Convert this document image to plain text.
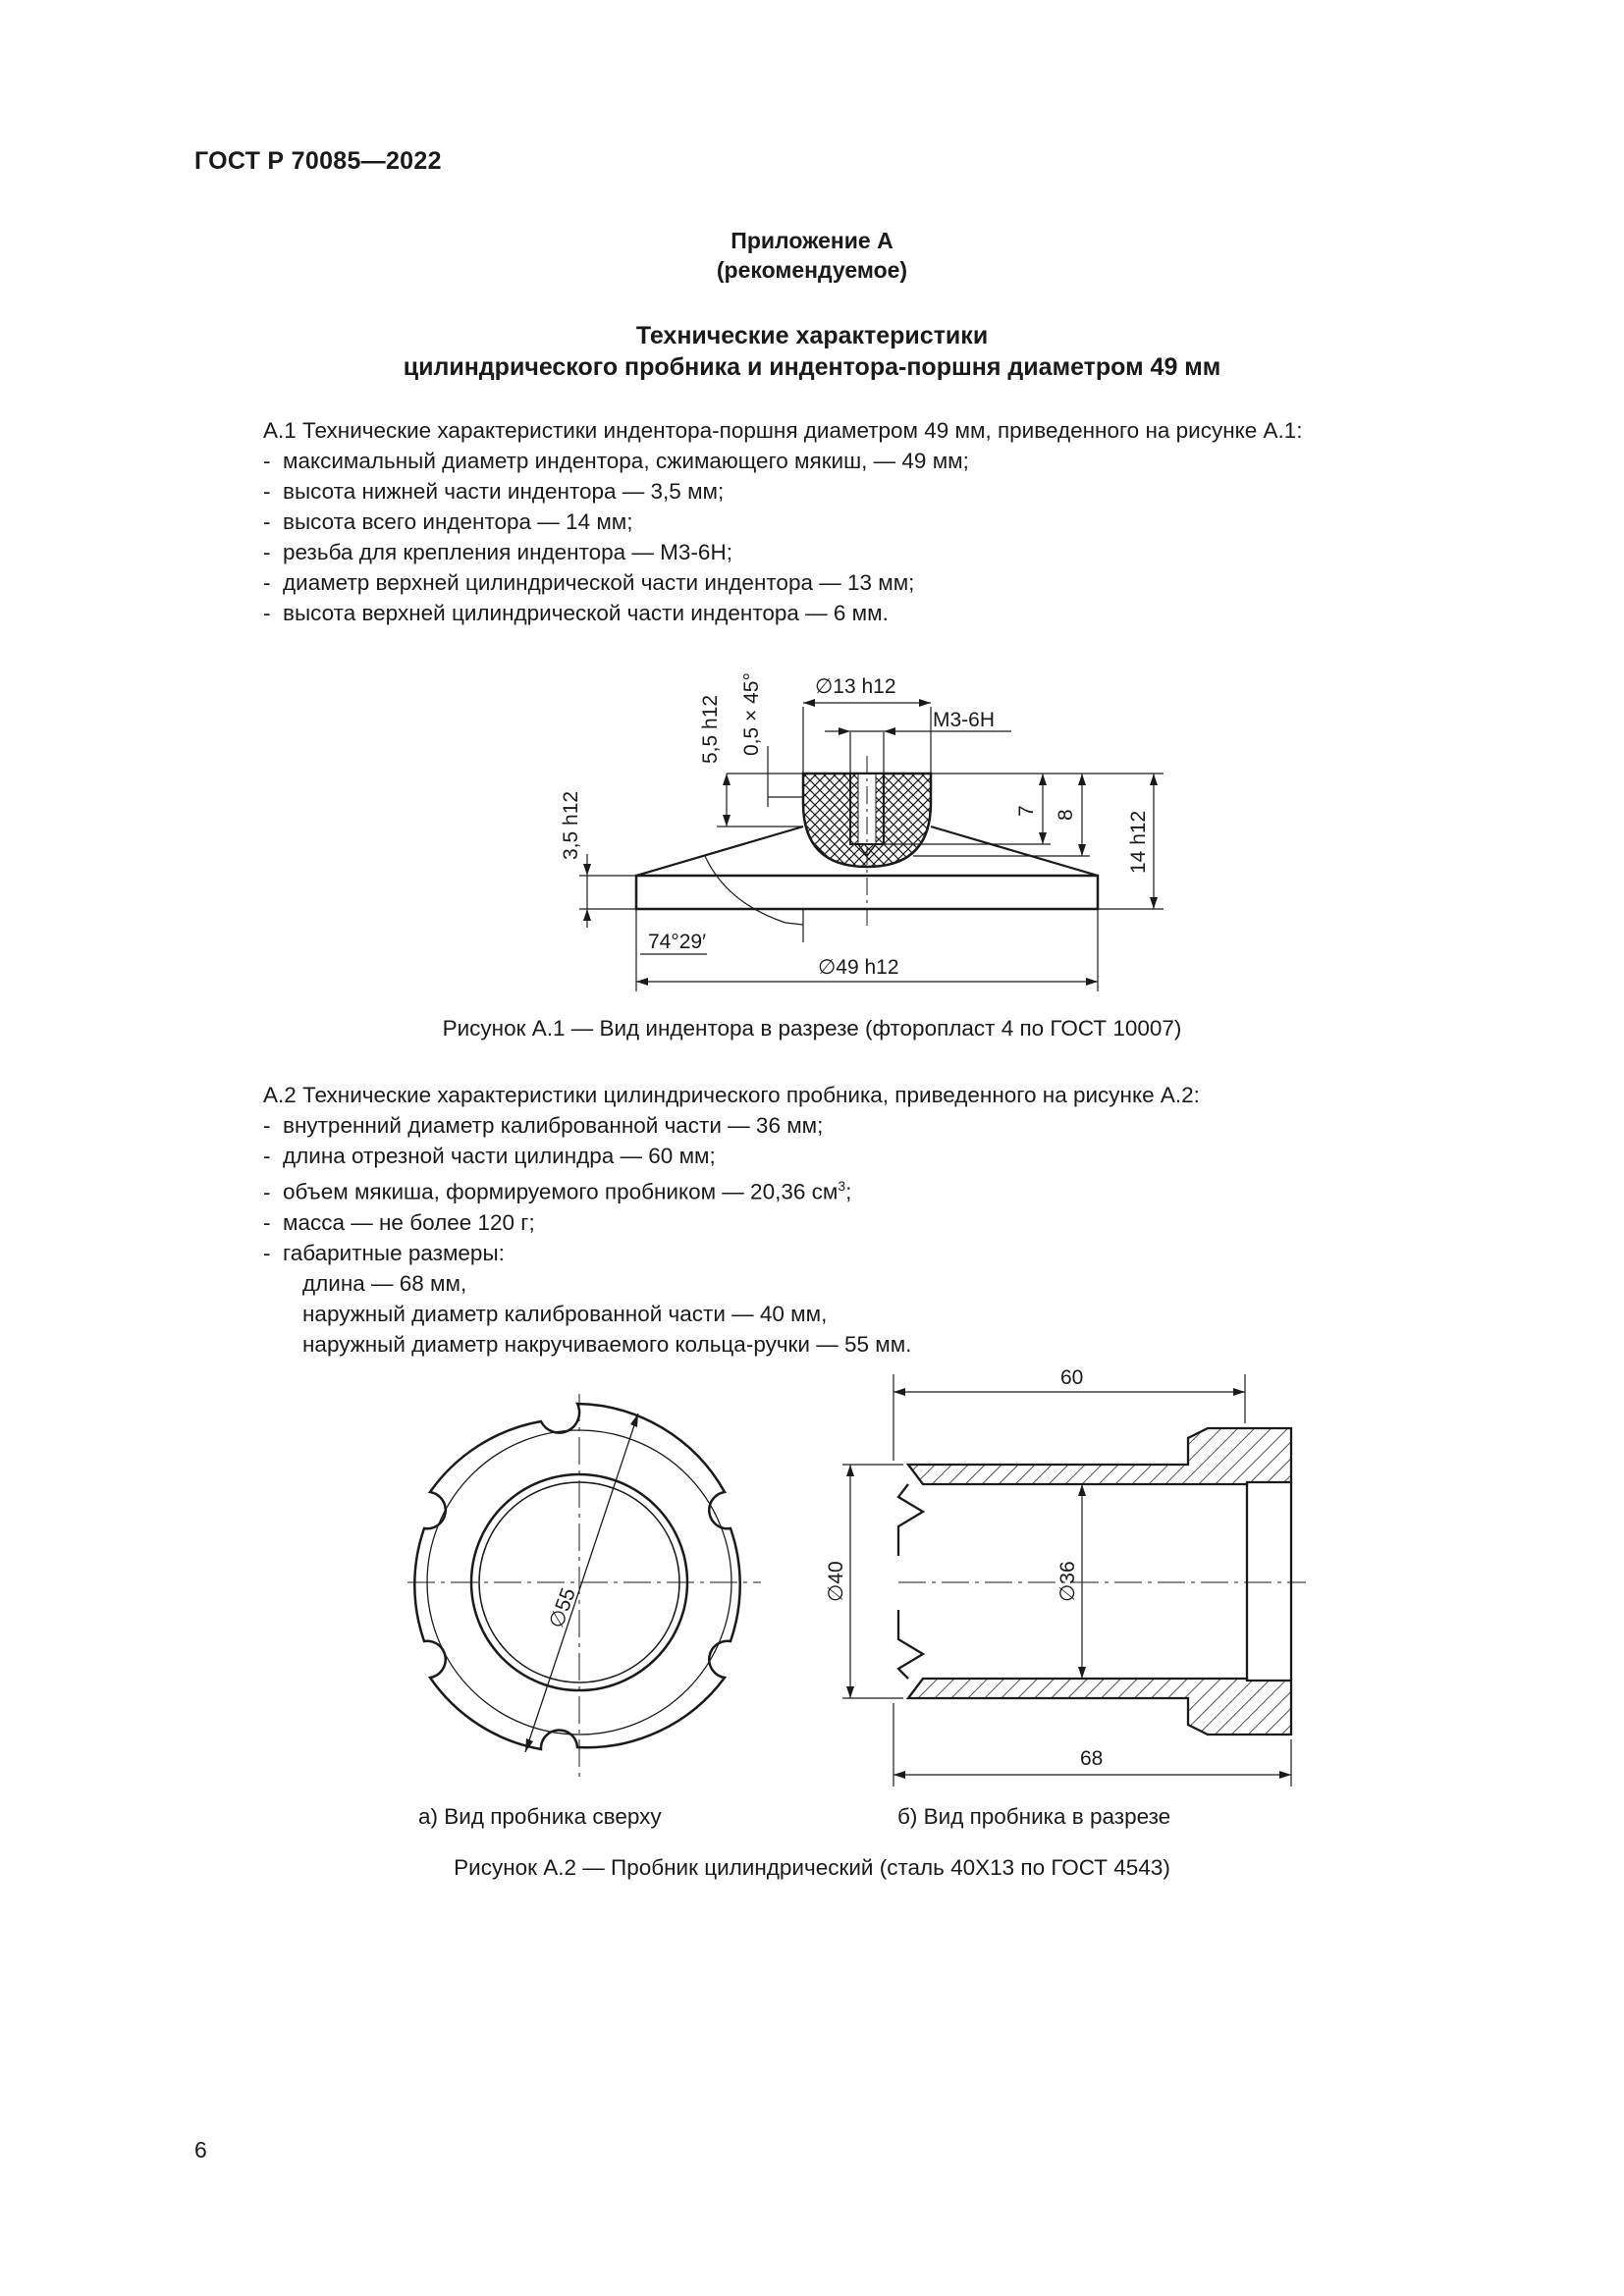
ГОСТ Р 70085—2022
Приложение А
(рекомендуемое)
Технические характеристики
цилиндрического пробника и индентора-поршня диаметром 49 мм
А.1 Технические характеристики индентора-поршня диаметром 49 мм, приведенного на рисунке А.1:
-  максимальный диаметр индентора, сжимающего мякиш, — 49 мм;
-  высота нижней части индентора — 3,5 мм;
-  высота всего индентора — 14 мм;
-  резьба для крепления индентора — М3-6Н;
-  диаметр верхней цилиндрической части индентора — 13 мм;
-  высота верхней цилиндрической части индентора — 6 мм.
∅13 h12
М3-6Н
5,5 h12 0,5 × 45°
3,5 h12	7 8 14 h12
74°29′
∅49 h12
Рисунок А.1 — Вид индентора в разрезе (фторопласт 4 по ГОСТ 10007)
А.2 Технические характеристики цилиндрического пробника, приведенного на рисунке А.2:
-  внутренний диаметр калиброванной части — 36 мм;
-  длина отрезной части цилиндра — 60 мм;
-  объем мякиша, формируемого пробником — 20,36 $см^3$;
-  масса — не более 120 г;
-  габаритные размеры:
длина — 68 мм,
наружный диаметр калиброванной части — 40 мм,
наружный диаметр накручиваемого кольца-ручки — 55 мм.
∅55
60
∅40	∅36
68
а) Вид пробника сверху	б) Вид пробника в разрезе
Рисунок А.2 — Пробник цилиндрический (сталь 40Х13 по ГОСТ 4543)
6
